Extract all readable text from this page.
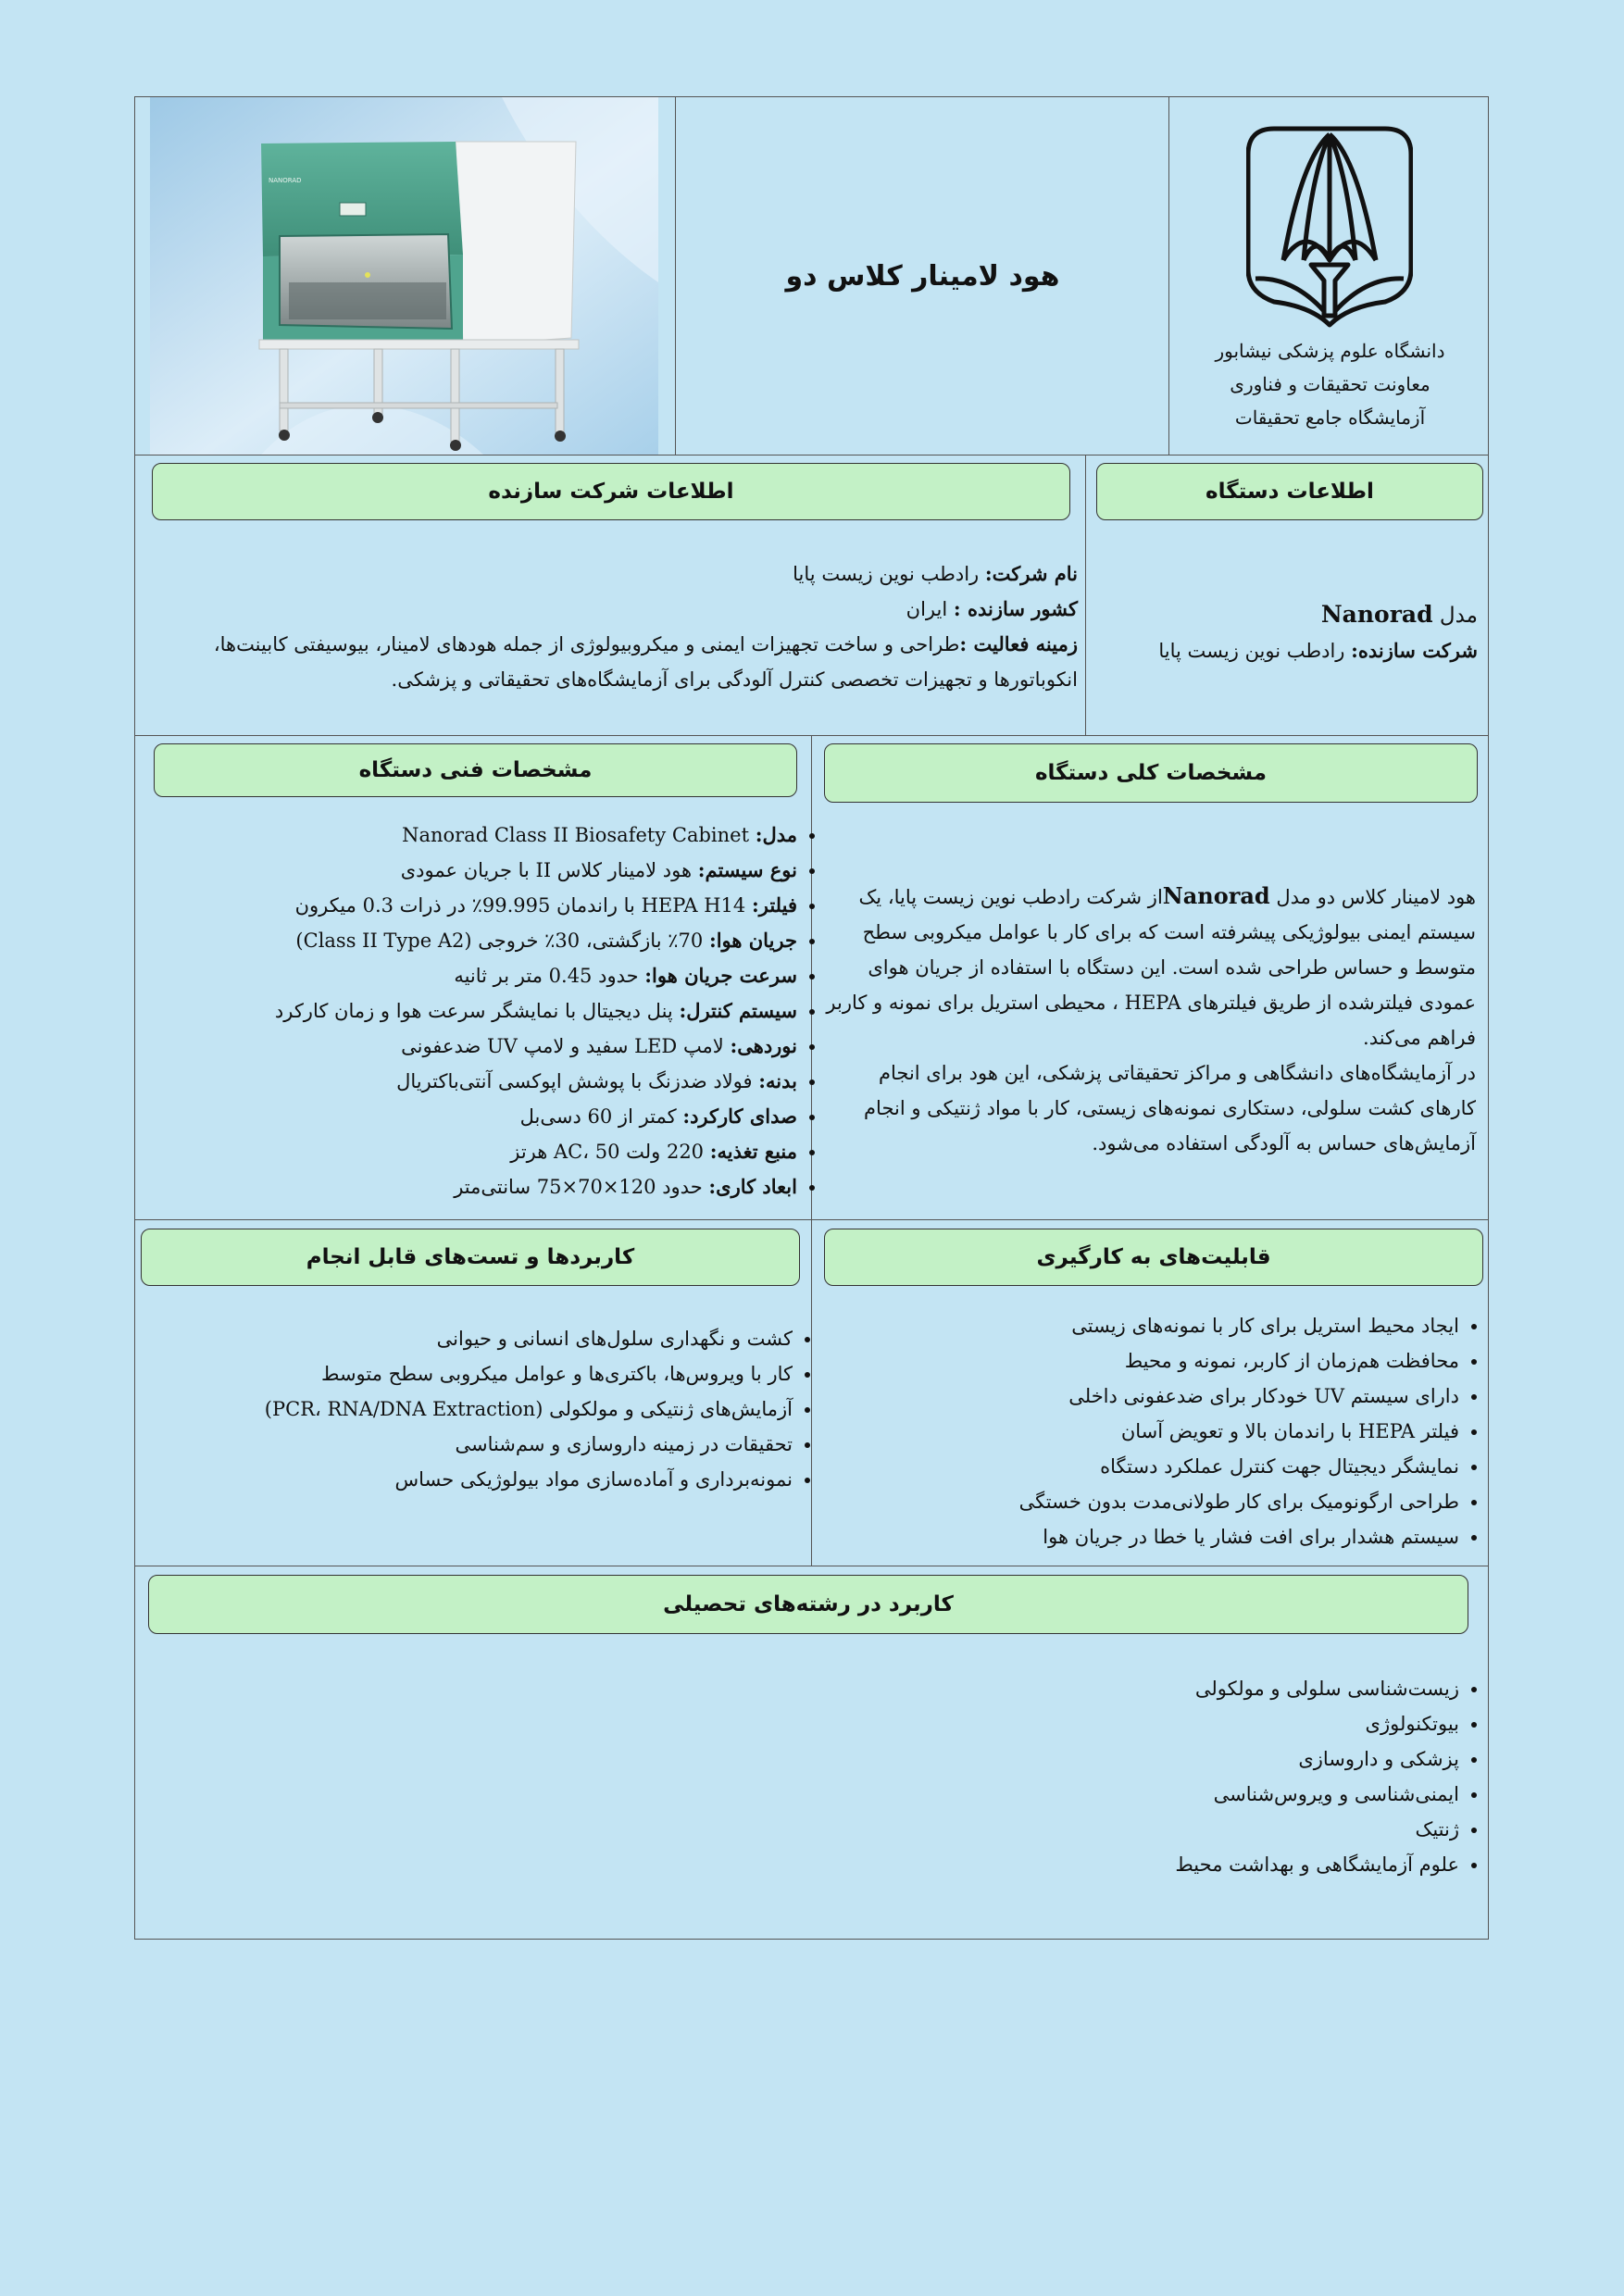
NANORAD
هود لامینار کلاس دو
دانشگاه علوم پزشکی نیشابور
معاونت تحقیقات و فناوری
آزمایشگاه جامع تحقیقات
اطلاعات شرکت سازنده	اطلاعات دستگاه
نام شرکت: رادطب نوین زیست پایا
کشور سازنده : ایران
زمینه فعالیت :طراحی و ساخت تجهیزات ایمنی و میکروبیولوژی از جمله هودهای لامینار، بیوسیفتی کابینت‌ها، انکوباتورها و تجهیزات تخصصی کنترل آلودگی برای آزمایشگاه‌های تحقیقاتی و پزشکی.
مدل Nanorad
شرکت سازنده: رادطب نوین زیست پایا
مشخصات فنی دستگاه	مشخصات کلی دستگاه
• مدل: Nanorad Class II Biosafety Cabinet
• نوع سیستم: هود لامینار کلاس II با جریان عمودی
• فیلتر: HEPA H14 با راندمان 99.995٪ در ذرات 0.3 میکرون
• جریان هوا: 70٪ بازگشتی، 30٪ خروجی (Class II Type A2)
• سرعت جریان هوا: حدود 0.45 متر بر ثانیه
• سیستم کنترل: پنل دیجیتال با نمایشگر سرعت هوا و زمان کارکرد
• نوردهی: لامپ LED سفید و لامپ UV ضدعفونی
• بدنه: فولاد ضدزنگ با پوشش اپوکسی آنتی‌باکتریال
• صدای کارکرد: کمتر از 60 دسی‌بل
• منبع تغذیه: 220 ولت AC، 50 هرتز
• ابعاد کاری: حدود 120×70×75 سانتی‌متر
هود لامینار کلاس دو مدل Nanoradاز شرکت رادطب نوین زیست پایا، یک سیستم ایمنی بیولوژیکی پیشرفته است که برای کار با عوامل میکروبی سطح متوسط و حساس طراحی شده است. این دستگاه با استفاده از جریان هوای عمودی فیلترشده از طریق فیلترهای HEPA ، محیطی استریل برای نمونه و کاربر فراهم می‌کند.
در آزمایشگاه‌های دانشگاهی و مراکز تحقیقاتی پزشکی، این هود برای انجام کارهای کشت سلولی، دستکاری نمونه‌های زیستی، کار با مواد ژنتیکی و انجام آزمایش‌های حساس به آلودگی استفاده می‌شود.
کاربردها و تست‌های قابل انجام	قابلیت‌های به کارگیری
• کشت و نگهداری سلول‌های انسانی و حیوانی
• کار با ویروس‌ها، باکتری‌ها و عوامل میکروبی سطح متوسط
• آزمایش‌های ژنتیکی و مولکولی (PCR، RNA/DNA Extraction)
• تحقیقات در زمینه داروسازی و سم‌شناسی
• نمونه‌برداری و آماده‌سازی مواد بیولوژیکی حساس
• ایجاد محیط استریل برای کار با نمونه‌های زیستی
• محافظت هم‌زمان از کاربر، نمونه و محیط
• دارای سیستم UV خودکار برای ضدعفونی داخلی
• فیلتر HEPA با راندمان بالا و تعویض آسان
• نمایشگر دیجیتال جهت کنترل عملکرد دستگاه
• طراحی ارگونومیک برای کار طولانی‌مدت بدون خستگی
• سیستم هشدار برای افت فشار یا خطا در جریان هوا
کاربرد در رشته‌های تحصیلی
• زیست‌شناسی سلولی و مولکولی
• بیوتکنولوژی
• پزشکی و داروسازی
• ایمنی‌شناسی و ویروس‌شناسی
• ژنتیک
• علوم آزمایشگاهی و بهداشت محیط
